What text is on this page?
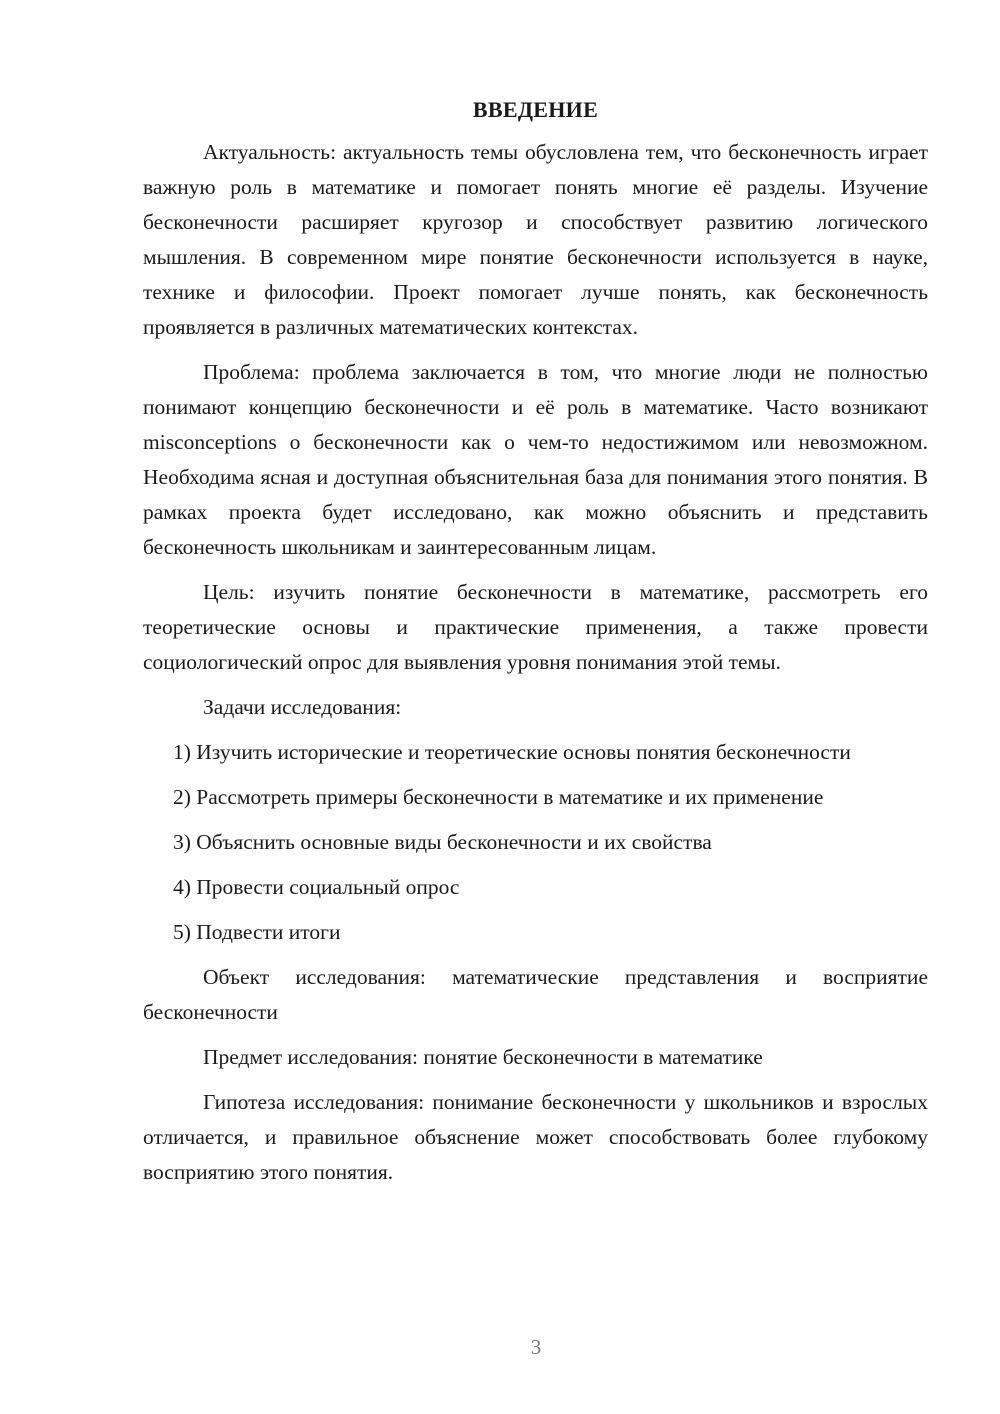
ВВЕДЕНИЕ

Актуальность: актуальность темы обусловлена тем, что бесконечность играет важную роль в математике и помогает понять многие её разделы. Изучение бесконечности расширяет кругозор и способствует развитию логического мышления. В современном мире понятие бесконечности используется в науке, технике и философии. Проект помогает лучше понять, как бесконечность проявляется в различных математических контекстах.

Проблема: проблема заключается в том, что многие люди не полностью понимают концепцию бесконечности и её роль в математике. Часто возникают misconceptions о бесконечности как о чем-то недостижимом или невозможном. Необходима ясная и доступная объяснительная база для понимания этого понятия. В рамках проекта будет исследовано, как можно объяснить и представить бесконечность школьникам и заинтересованным лицам.

Цель: изучить понятие бесконечности в математике, рассмотреть его теоретические основы и практические применения, а также провести социологический опрос для выявления уровня понимания этой темы.

Задачи исследования:

1) Изучить исторические и теоретические основы понятия бесконечности

2) Рассмотреть примеры бесконечности в математике и их применение

3) Объяснить основные виды бесконечности и их свойства

4) Провести социальный опрос

5) Подвести итоги

Объект исследования: математические представления и восприятие бесконечности

Предмет исследования: понятие бесконечности в математике

Гипотеза исследования: понимание бесконечности у школьников и взрослых отличается, и правильное объяснение может способствовать более глубокому восприятию этого понятия.

3
